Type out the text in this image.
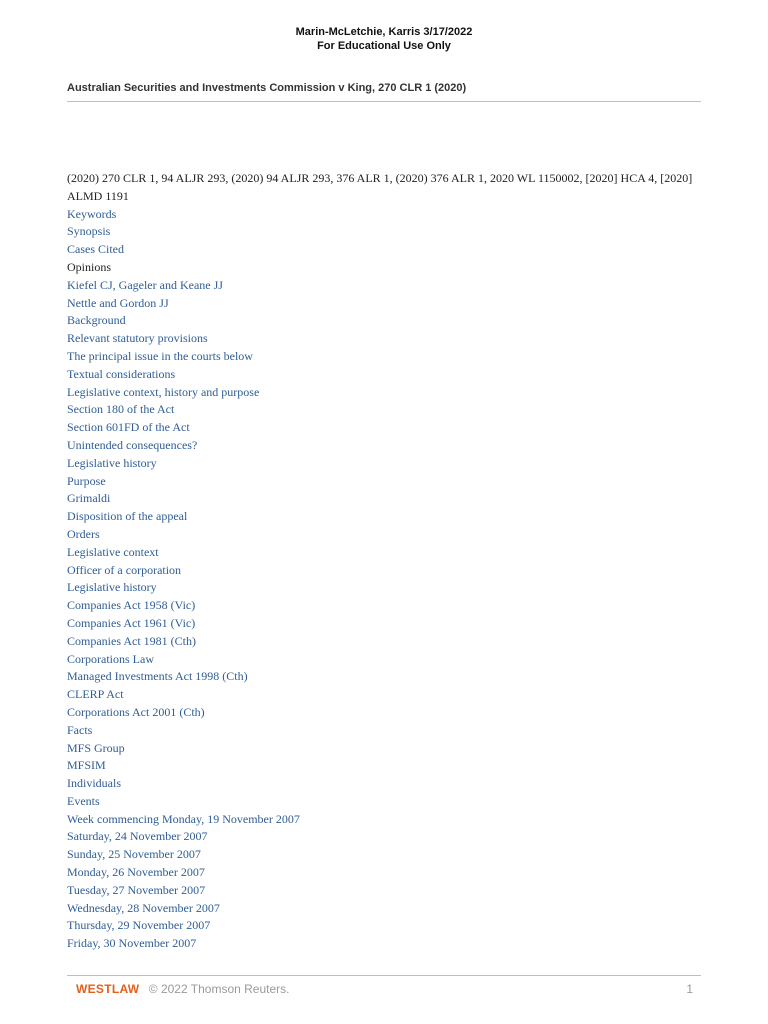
Marin-McLetchie, Karris 3/17/2022
For Educational Use Only
Australian Securities and Investments Commission v King, 270 CLR 1 (2020)
(2020) 270 CLR 1, 94 ALJR 293, (2020) 94 ALJR 293, 376 ALR 1, (2020) 376 ALR 1, 2020 WL 1150002, [2020] HCA 4, [2020] ALMD 1191
Keywords
Synopsis
Cases Cited
Opinions
Kiefel CJ, Gageler and Keane JJ
Nettle and Gordon JJ
Background
Relevant statutory provisions
The principal issue in the courts below
Textual considerations
Legislative context, history and purpose
Section 180 of the Act
Section 601FD of the Act
Unintended consequences?
Legislative history
Purpose
Grimaldi
Disposition of the appeal
Orders
Legislative context
Officer of a corporation
Legislative history
Companies Act 1958 (Vic)
Companies Act 1961 (Vic)
Companies Act 1981 (Cth)
Corporations Law
Managed Investments Act 1998 (Cth)
CLERP Act
Corporations Act 2001 (Cth)
Facts
MFS Group
MFSIM
Individuals
Events
Week commencing Monday, 19 November 2007
Saturday, 24 November 2007
Sunday, 25 November 2007
Monday, 26 November 2007
Tuesday, 27 November 2007
Wednesday, 28 November 2007
Thursday, 29 November 2007
Friday, 30 November 2007
WESTLAW © 2022 Thomson Reuters.	1
